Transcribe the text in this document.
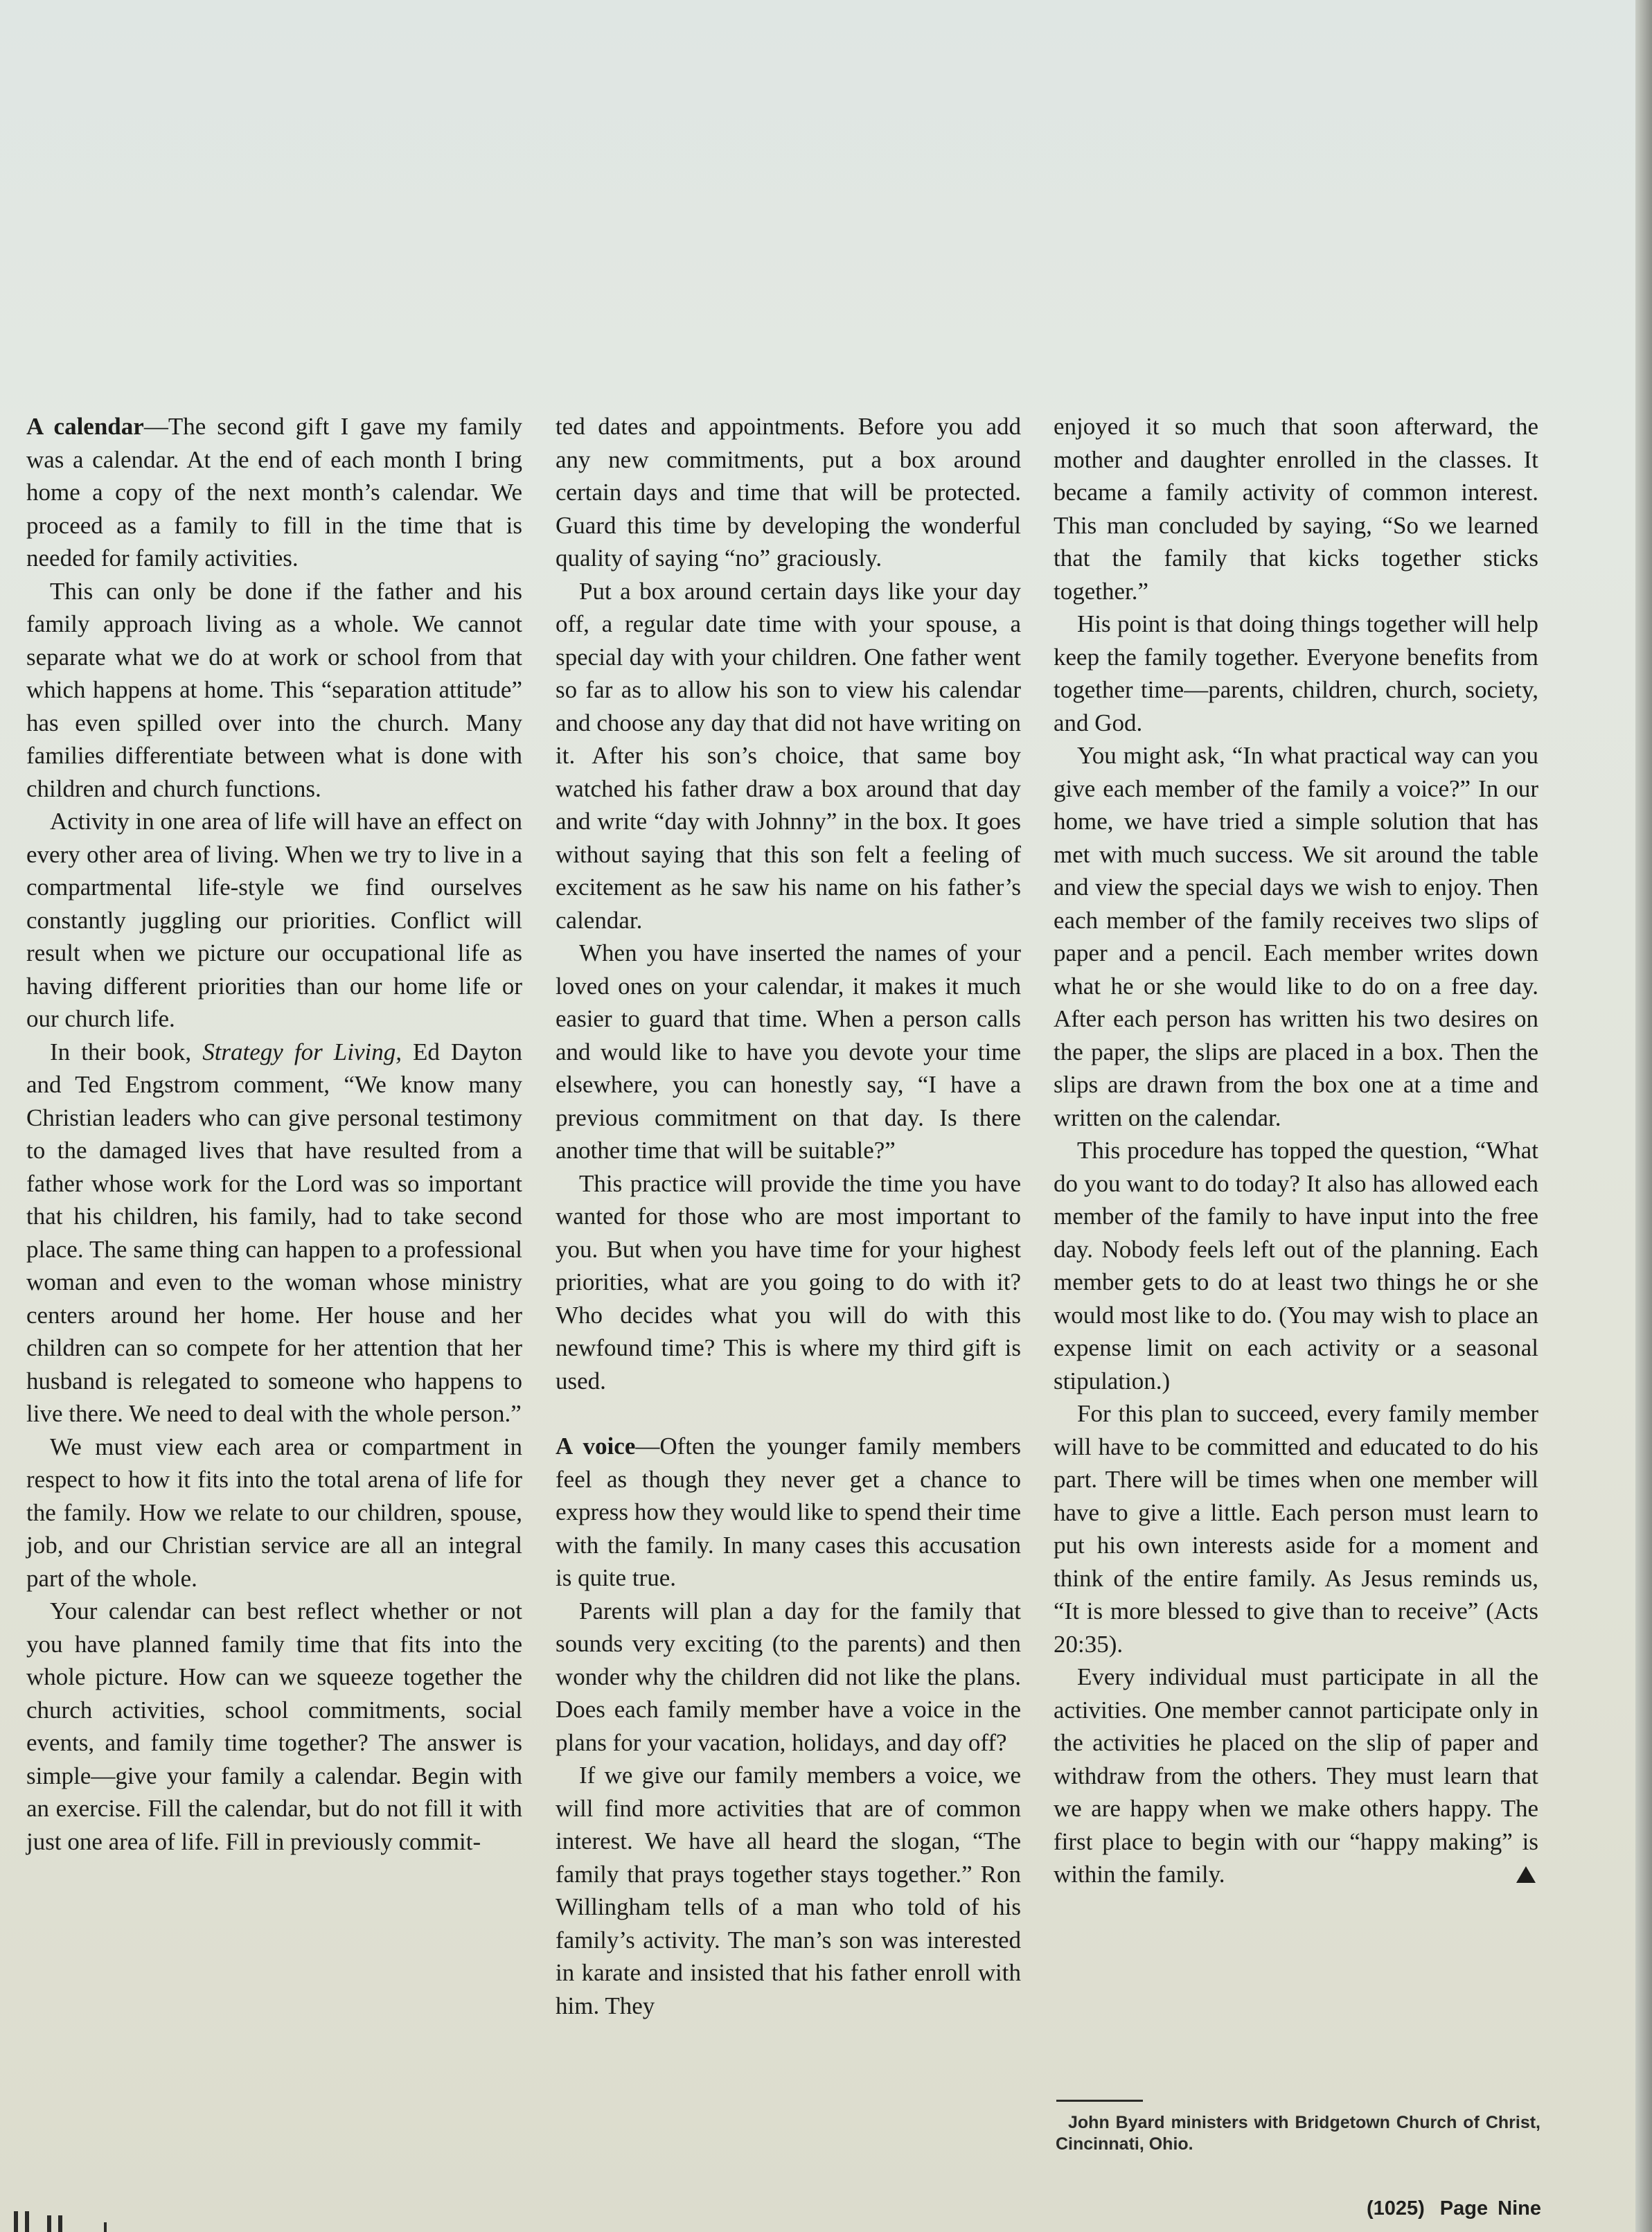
A calendar—The second gift I gave my family was a calendar. At the end of each month I bring home a copy of the next month’s calendar. We proceed as a family to fill in the time that is needed for family activities.

This can only be done if the father and his family approach living as a whole. We cannot separate what we do at work or school from that which happens at home. This “separation attitude” has even spilled over into the church. Many families differentiate between what is done with children and church functions.

Activity in one area of life will have an effect on every other area of living. When we try to live in a compartmental life-style we find ourselves constantly juggling our priorities. Conflict will result when we picture our occupational life as having different priorities than our home life or our church life.

In their book, Strategy for Living, Ed Dayton and Ted Engstrom comment, “We know many Christian leaders who can give personal testimony to the damaged lives that have resulted from a father whose work for the Lord was so important that his children, his family, had to take second place. The same thing can happen to a professional woman and even to the woman whose ministry centers around her home. Her house and her children can so compete for her attention that her husband is relegated to someone who happens to live there. We need to deal with the whole person.”

We must view each area or compartment in respect to how it fits into the total arena of life for the family. How we relate to our children, spouse, job, and our Christian service are all an integral part of the whole.

Your calendar can best reflect whether or not you have planned family time that fits into the whole picture. How can we squeeze together the church activities, school commitments, social events, and family time together? The answer is simple—give your family a calendar. Begin with an exercise. Fill the calendar, but do not fill it with just one area of life. Fill in previously commit-

ted dates and appointments. Before you add any new commitments, put a box around certain days and time that will be protected. Guard this time by developing the wonderful quality of saying “no” graciously.

Put a box around certain days like your day off, a regular date time with your spouse, a special day with your children. One father went so far as to allow his son to view his calendar and choose any day that did not have writing on it. After his son’s choice, that same boy watched his father draw a box around that day and write “day with Johnny” in the box. It goes without saying that this son felt a feeling of excitement as he saw his name on his father’s calendar.

When you have inserted the names of your loved ones on your calendar, it makes it much easier to guard that time. When a person calls and would like to have you devote your time elsewhere, you can honestly say, “I have a previous commitment on that day. Is there another time that will be suitable?”

This practice will provide the time you have wanted for those who are most important to you. But when you have time for your highest priorities, what are you going to do with it? Who decides what you will do with this newfound time? This is where my third gift is used.

A voice—Often the younger family members feel as though they never get a chance to express how they would like to spend their time with the family. In many cases this accusation is quite true.

Parents will plan a day for the family that sounds very exciting (to the parents) and then wonder why the children did not like the plans. Does each family member have a voice in the plans for your vacation, holidays, and day off?

If we give our family members a voice, we will find more activities that are of common interest. We have all heard the slogan, “The family that prays together stays together.” Ron Willingham tells of a man who told of his family’s activity. The man’s son was interested in karate and insisted that his father enroll with him. They

enjoyed it so much that soon afterward, the mother and daughter enrolled in the classes. It became a family activity of common interest. This man concluded by saying, “So we learned that the family that kicks together sticks together.”

His point is that doing things together will help keep the family together. Everyone benefits from together time—parents, children, church, society, and God.

You might ask, “In what practical way can you give each member of the family a voice?” In our home, we have tried a simple solution that has met with much success. We sit around the table and view the special days we wish to enjoy. Then each member of the family receives two slips of paper and a pencil. Each member writes down what he or she would like to do on a free day. After each person has written his two desires on the paper, the slips are placed in a box. Then the slips are drawn from the box one at a time and written on the calendar.

This procedure has topped the question, “What do you want to do today? It also has allowed each member of the family to have input into the free day. Nobody feels left out of the planning. Each member gets to do at least two things he or she would most like to do. (You may wish to place an expense limit on each activity or a seasonal stipulation.)

For this plan to succeed, every family member will have to be committed and educated to do his part. There will be times when one member will have to give a little. Each person must learn to put his own interests aside for a moment and think of the entire family. As Jesus reminds us, “It is more blessed to give than to receive” (Acts 20:35).

Every individual must participate in all the activities. One member cannot participate only in the activities he placed on the slip of paper and withdraw from the others. They must learn that we are happy when we make others happy. The first place to begin with our “happy making” is within the family.

John Byard ministers with Bridgetown Church of Christ, Cincinnati, Ohio.
(1025) Page Nine
